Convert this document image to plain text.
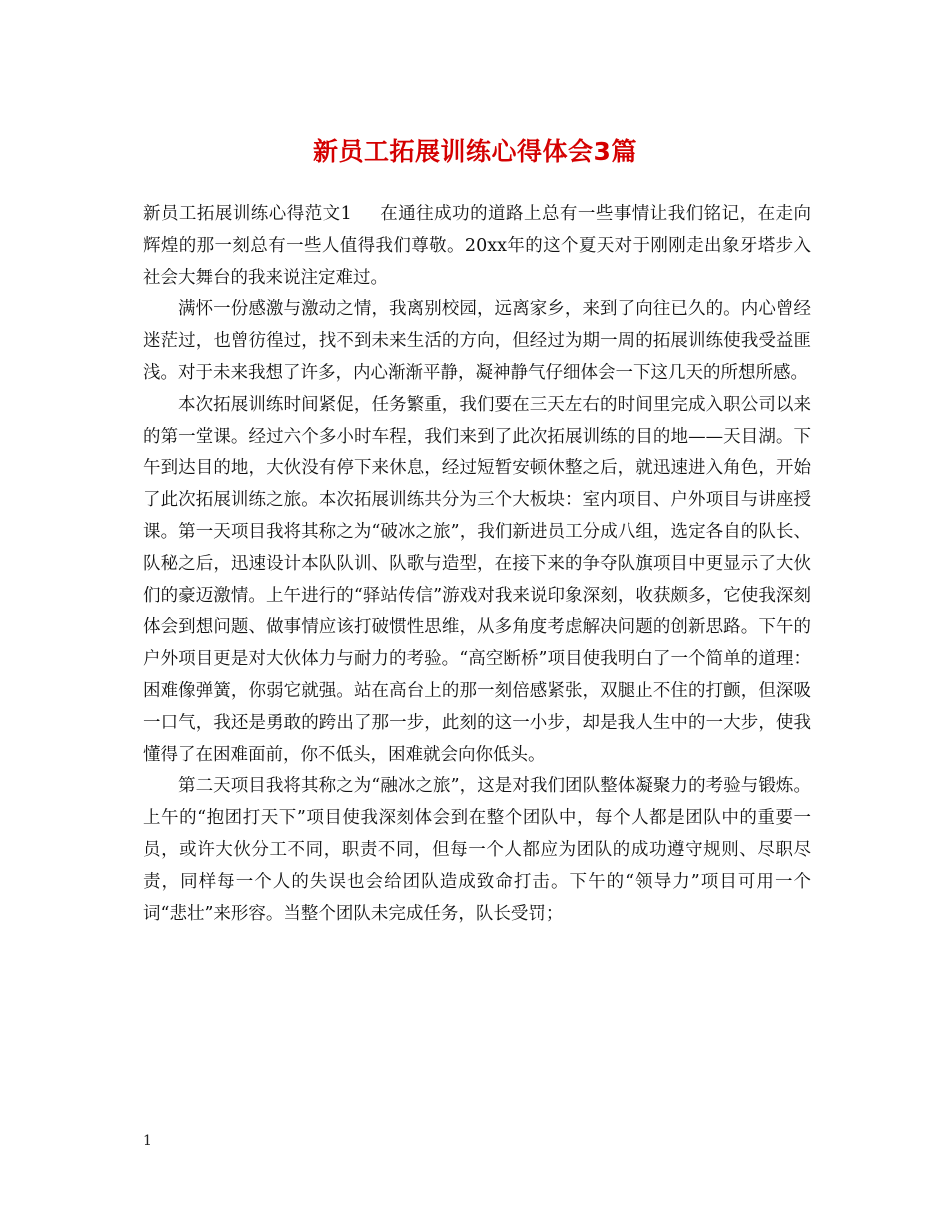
新员工拓展训练心得体会3篇

新员工拓展训练心得范文1 在通往成功的道路上总有一些事情让我们铭记，在走向辉煌的那一刻总有一些人值得我们尊敬。20xx年的这个夏天对于刚刚走出象牙塔步入社会大舞台的我来说注定难过。

满怀一份感激与激动之情，我离别校园，远离家乡，来到了向往已久的。内心曾经迷茫过，也曾彷徨过，找不到未来生活的方向，但经过为期一周的拓展训练使我受益匪浅。对于未来我想了许多，内心渐渐平静，凝神静气仔细体会一下这几天的所想所感。

本次拓展训练时间紧促，任务繁重，我们要在三天左右的时间里完成入职公司以来的第一堂课。经过六个多小时车程，我们来到了此次拓展训练的目的地——天目湖。下午到达目的地，大伙没有停下来休息，经过短暂安顿休整之后，就迅速进入角色，开始了此次拓展训练之旅。本次拓展训练共分为三个大板块：室内项目、户外项目与讲座授课。第一天项目我将其称之为“破冰之旅”，我们新进员工分成八组，选定各自的队长、队秘之后，迅速设计本队队训、队歌与造型，在接下来的争夺队旗项目中更显示了大伙们的豪迈激情。上午进行的“驿站传信”游戏对我来说印象深刻，收获颇多，它使我深刻体会到想问题、做事情应该打破惯性思维，从多角度考虑解决问题的创新思路。下午的户外项目更是对大伙体力与耐力的考验。“高空断桥”项目使我明白了一个简单的道理：困难像弹簧，你弱它就强。站在高台上的那一刻倍感紧张，双腿止不住的打颤，但深吸一口气，我还是勇敢的跨出了那一步，此刻的这一小步，却是我人生中的一大步，使我懂得了在困难面前，你不低头，困难就会向你低头。

第二天项目我将其称之为“融冰之旅”，这是对我们团队整体凝聚力的考验与锻炼。上午的“抱团打天下”项目使我深刻体会到在整个团队中，每个人都是团队中的重要一员，或许大伙分工不同，职责不同，但每一个人都应为团队的成功遵守规则、尽职尽责，同样每一个人的失误也会给团队造成致命打击。下午的“领导力”项目可用一个词“悲壮”来形容。当整个团队未完成任务，队长受罚；

1
